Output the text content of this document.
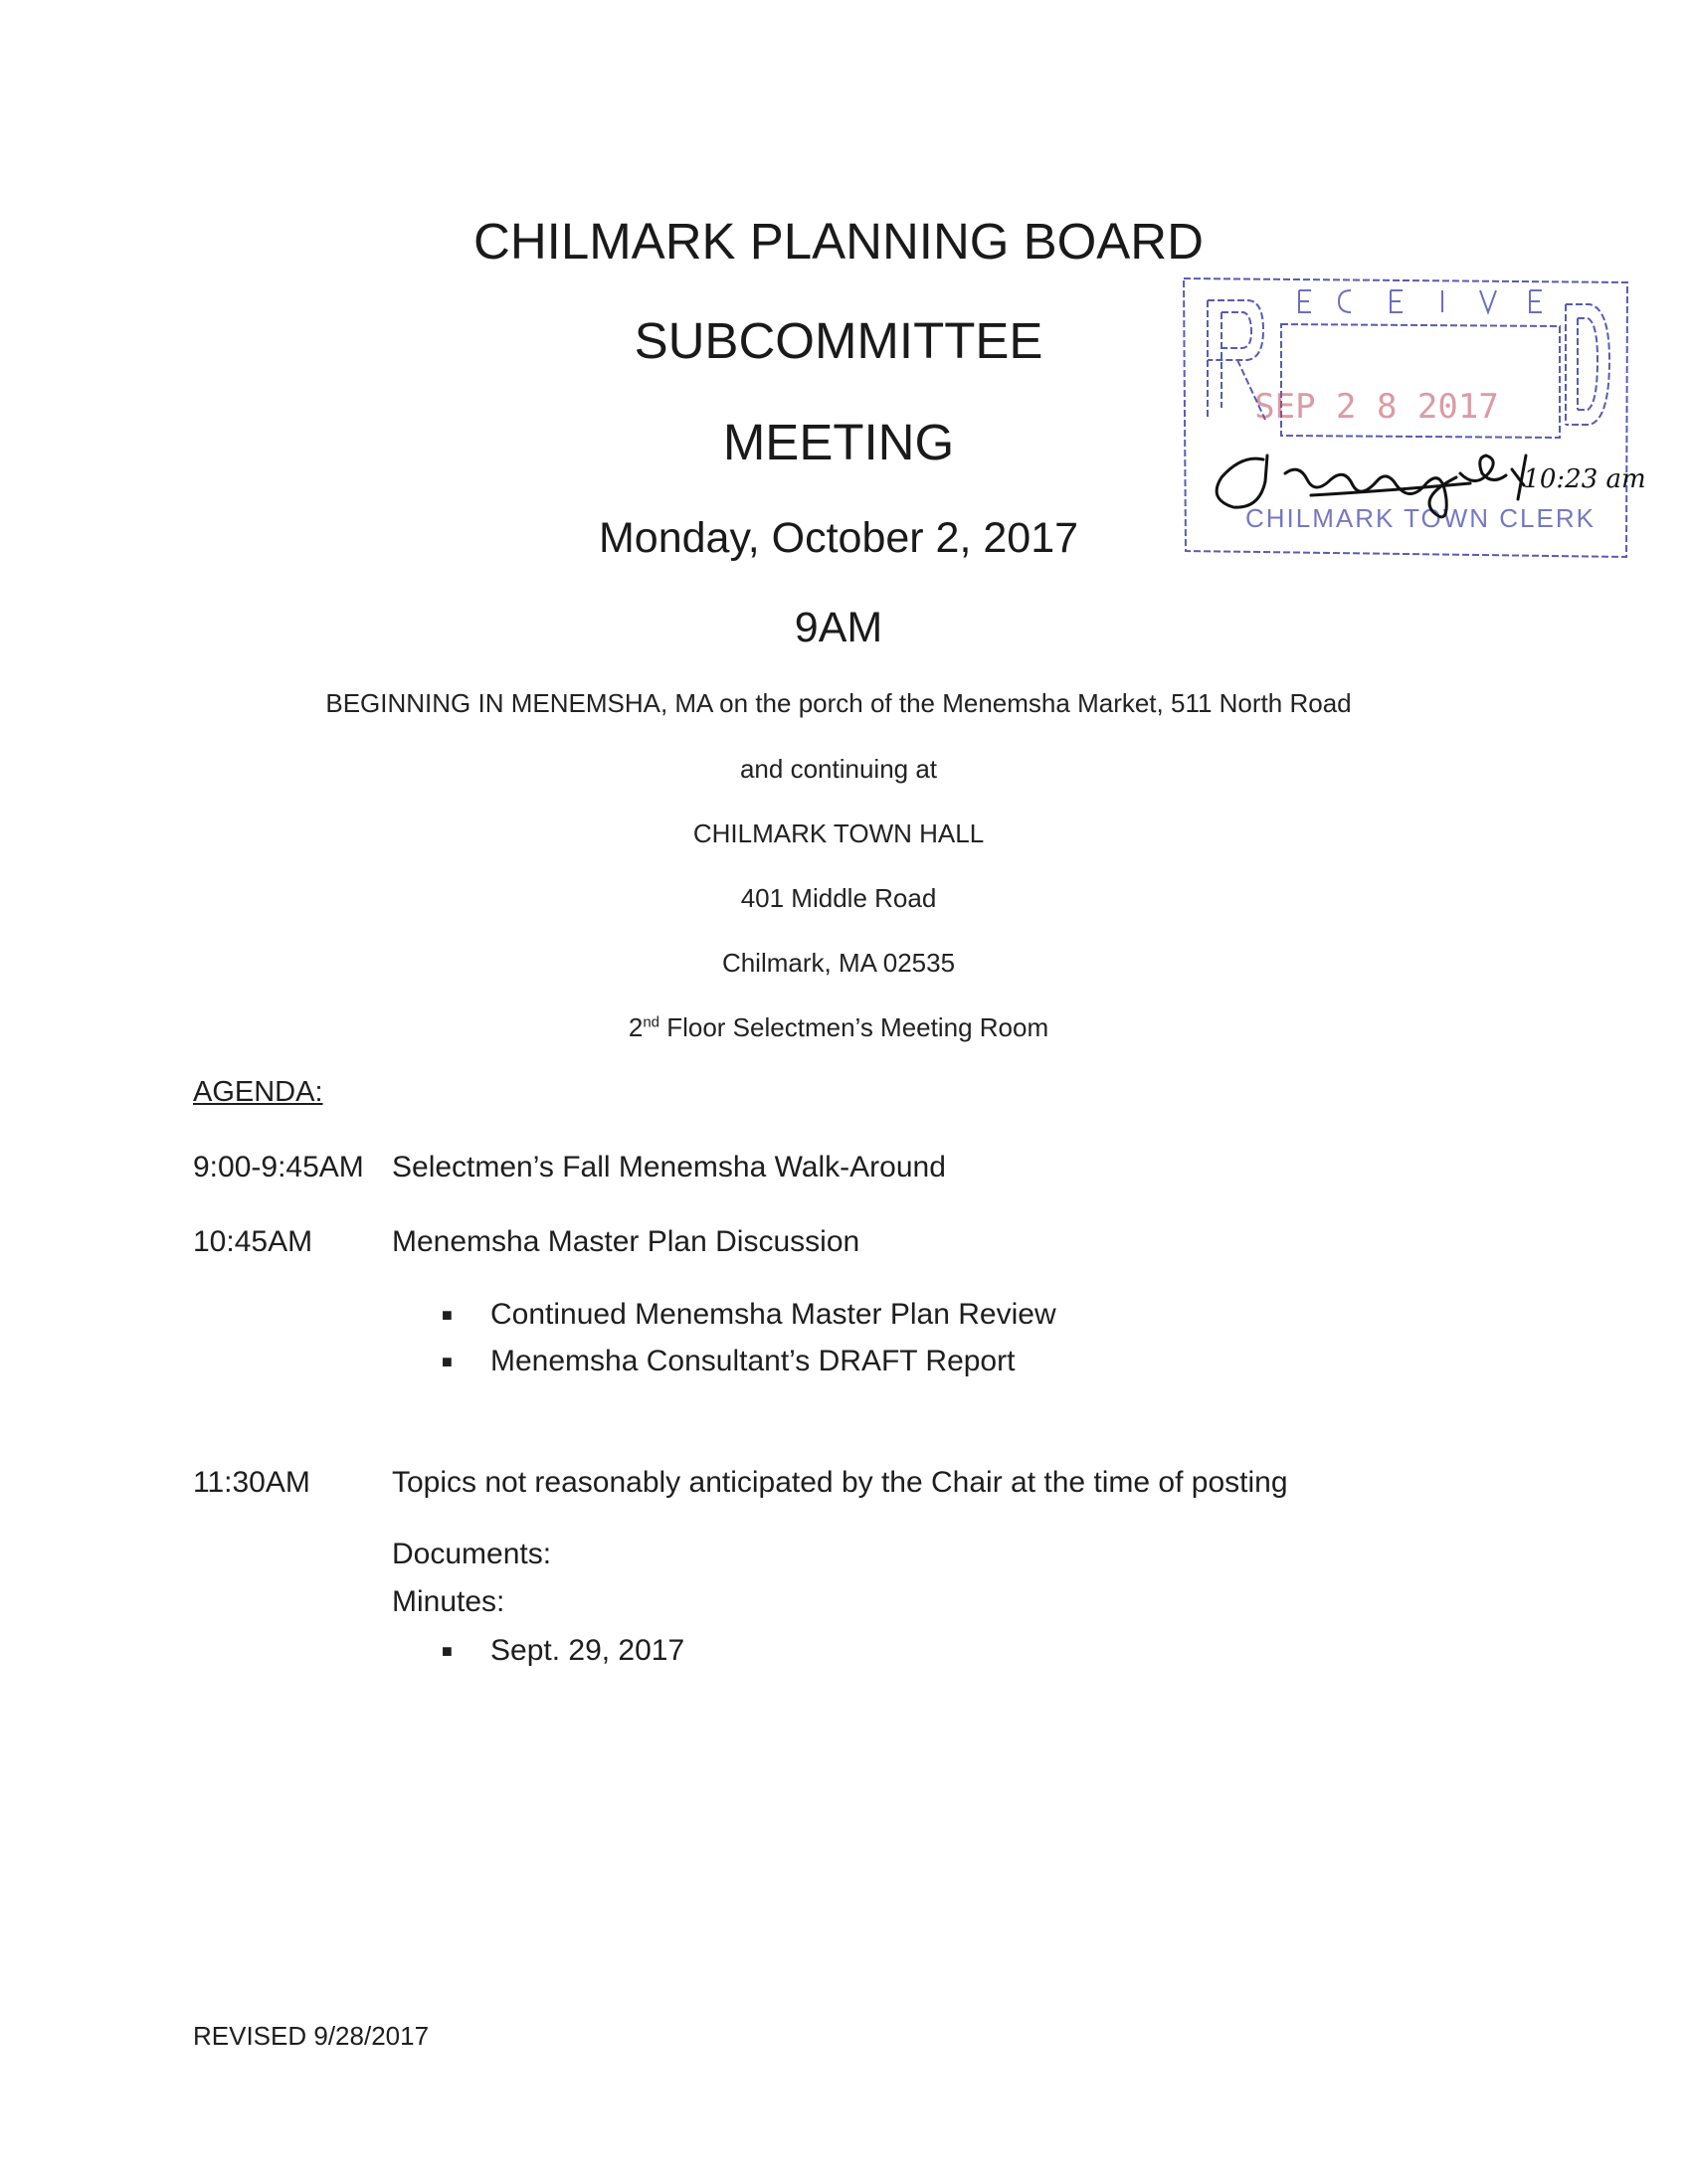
CHILMARK PLANNING BOARD
SUBCOMMITTEE
MEETING
Monday, October 2, 2017
9AM
BEGINNING IN MENEMSHA, MA on the porch of the Menemsha Market, 511 North Road
and continuing at
CHILMARK TOWN HALL
401 Middle Road
Chilmark, MA 02535
2nd Floor Selectmen’s Meeting Room
AGENDA:
9:00-9:45AM Selectmen’s Fall Menemsha Walk-Around
10:45AM	Menemsha Master Plan Discussion
■ Continued Menemsha Master Plan Review
■ Menemsha Consultant’s DRAFT Report
11:30AM	Topics not reasonably anticipated by the Chair at the time of posting
Documents:
Minutes:
■ Sept. 29, 2017
REVISED 9/28/2017
SEP 2 8 2017
CHILMARK TOWN CLERK
10:23 am
